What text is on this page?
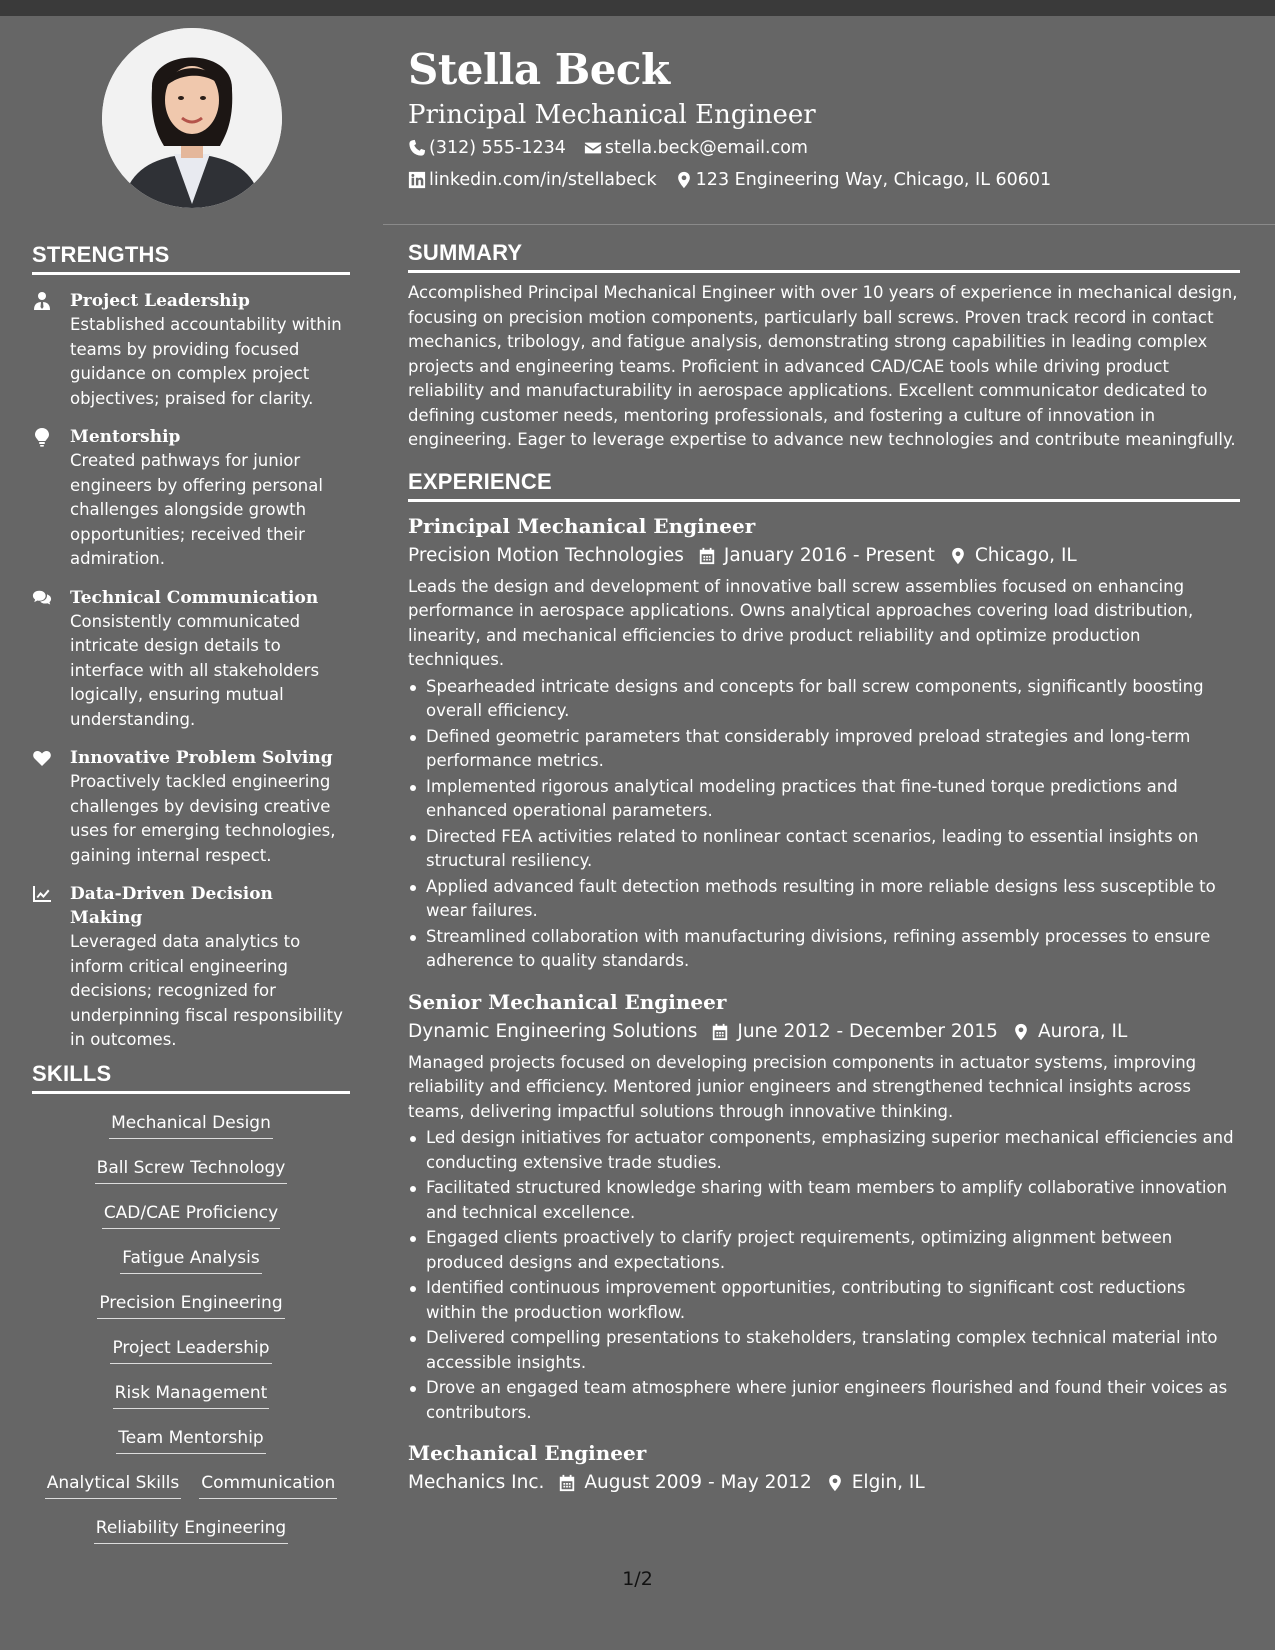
STRENGTHS
Project Leadership
Established accountability within teams by providing focused guidance on complex project objectives; praised for clarity.
Mentorship
Created pathways for junior engineers by offering personal challenges alongside growth opportunities; received their admiration.
Technical Communication
Consistently communicated intricate design details to interface with all stakeholders logically, ensuring mutual understanding.
Innovative Problem Solving
Proactively tackled engineering challenges by devising creative uses for emerging technologies, gaining internal respect.
Data-Driven Decision Making
Leveraged data analytics to inform critical engineering decisions; recognized for underpinning fiscal responsibility in outcomes.
SKILLS
Mechanical Design
Ball Screw Technology
CAD/CAE Proficiency
Fatigue Analysis
Precision Engineering
Project Leadership
Risk Management
Team Mentorship
Analytical Skills Communication
Reliability Engineering
Stella Beck
Principal Mechanical Engineer
(312) 555-1234 stella.beck@email.com
linkedin.com/in/stellabeck 123 Engineering Way, Chicago, IL 60601
SUMMARY
Accomplished Principal Mechanical Engineer with over 10 years of experience in mechanical design, focusing on precision motion components, particularly ball screws. Proven track record in contact mechanics, tribology, and fatigue analysis, demonstrating strong capabilities in leading complex projects and engineering teams. Proficient in advanced CAD/CAE tools while driving product reliability and manufacturability in aerospace applications. Excellent communicator dedicated to defining customer needs, mentoring professionals, and fostering a culture of innovation in engineering. Eager to leverage expertise to advance new technologies and contribute meaningfully.
EXPERIENCE
Principal Mechanical Engineer
Precision Motion Technologies January 2016 - Present Chicago, IL
Leads the design and development of innovative ball screw assemblies focused on enhancing performance in aerospace applications. Owns analytical approaches covering load distribution, linearity, and mechanical efficiencies to drive product reliability and optimize production techniques.
Spearheaded intricate designs and concepts for ball screw components, significantly boosting overall efficiency.
Defined geometric parameters that considerably improved preload strategies and long-term performance metrics.
Implemented rigorous analytical modeling practices that fine-tuned torque predictions and enhanced operational parameters.
Directed FEA activities related to nonlinear contact scenarios, leading to essential insights on structural resiliency.
Applied advanced fault detection methods resulting in more reliable designs less susceptible to wear failures.
Streamlined collaboration with manufacturing divisions, refining assembly processes to ensure adherence to quality standards.
Senior Mechanical Engineer
Dynamic Engineering Solutions June 2012 - December 2015 Aurora, IL
Managed projects focused on developing precision components in actuator systems, improving reliability and efficiency. Mentored junior engineers and strengthened technical insights across teams, delivering impactful solutions through innovative thinking.
Led design initiatives for actuator components, emphasizing superior mechanical efficiencies and conducting extensive trade studies.
Facilitated structured knowledge sharing with team members to amplify collaborative innovation and technical excellence.
Engaged clients proactively to clarify project requirements, optimizing alignment between produced designs and expectations.
Identified continuous improvement opportunities, contributing to significant cost reductions within the production workflow.
Delivered compelling presentations to stakeholders, translating complex technical material into accessible insights.
Drove an engaged team atmosphere where junior engineers flourished and found their voices as contributors.
Mechanical Engineer
Mechanics Inc. August 2009 - May 2012 Elgin, IL
1/2
